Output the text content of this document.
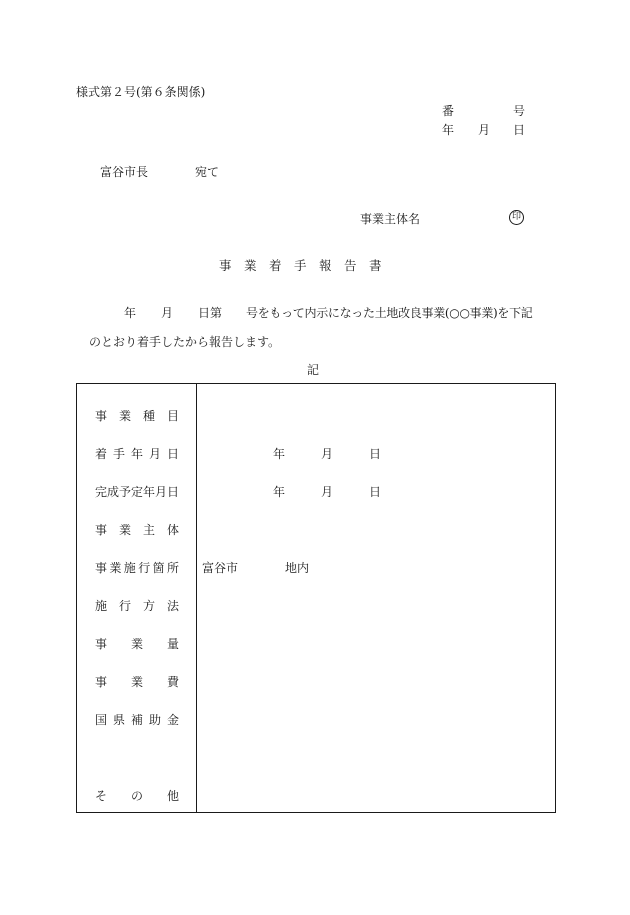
様式第２号(第６条関係)
番	号
年 月 日
富谷市長	宛て
事業主体名	印
事　業　着　手　報　告　書
年 月 日第 号をもって内示になった土地改良事業(○○事業)を下記
のとおり着手したから報告します。
記
事業種目
着手年月日	年	月	日
完成予定年月日	年	月	日
事業主体
事業施行箇所 富谷市	地内
施行方法
事業量
事業費
国県補助金
その他
